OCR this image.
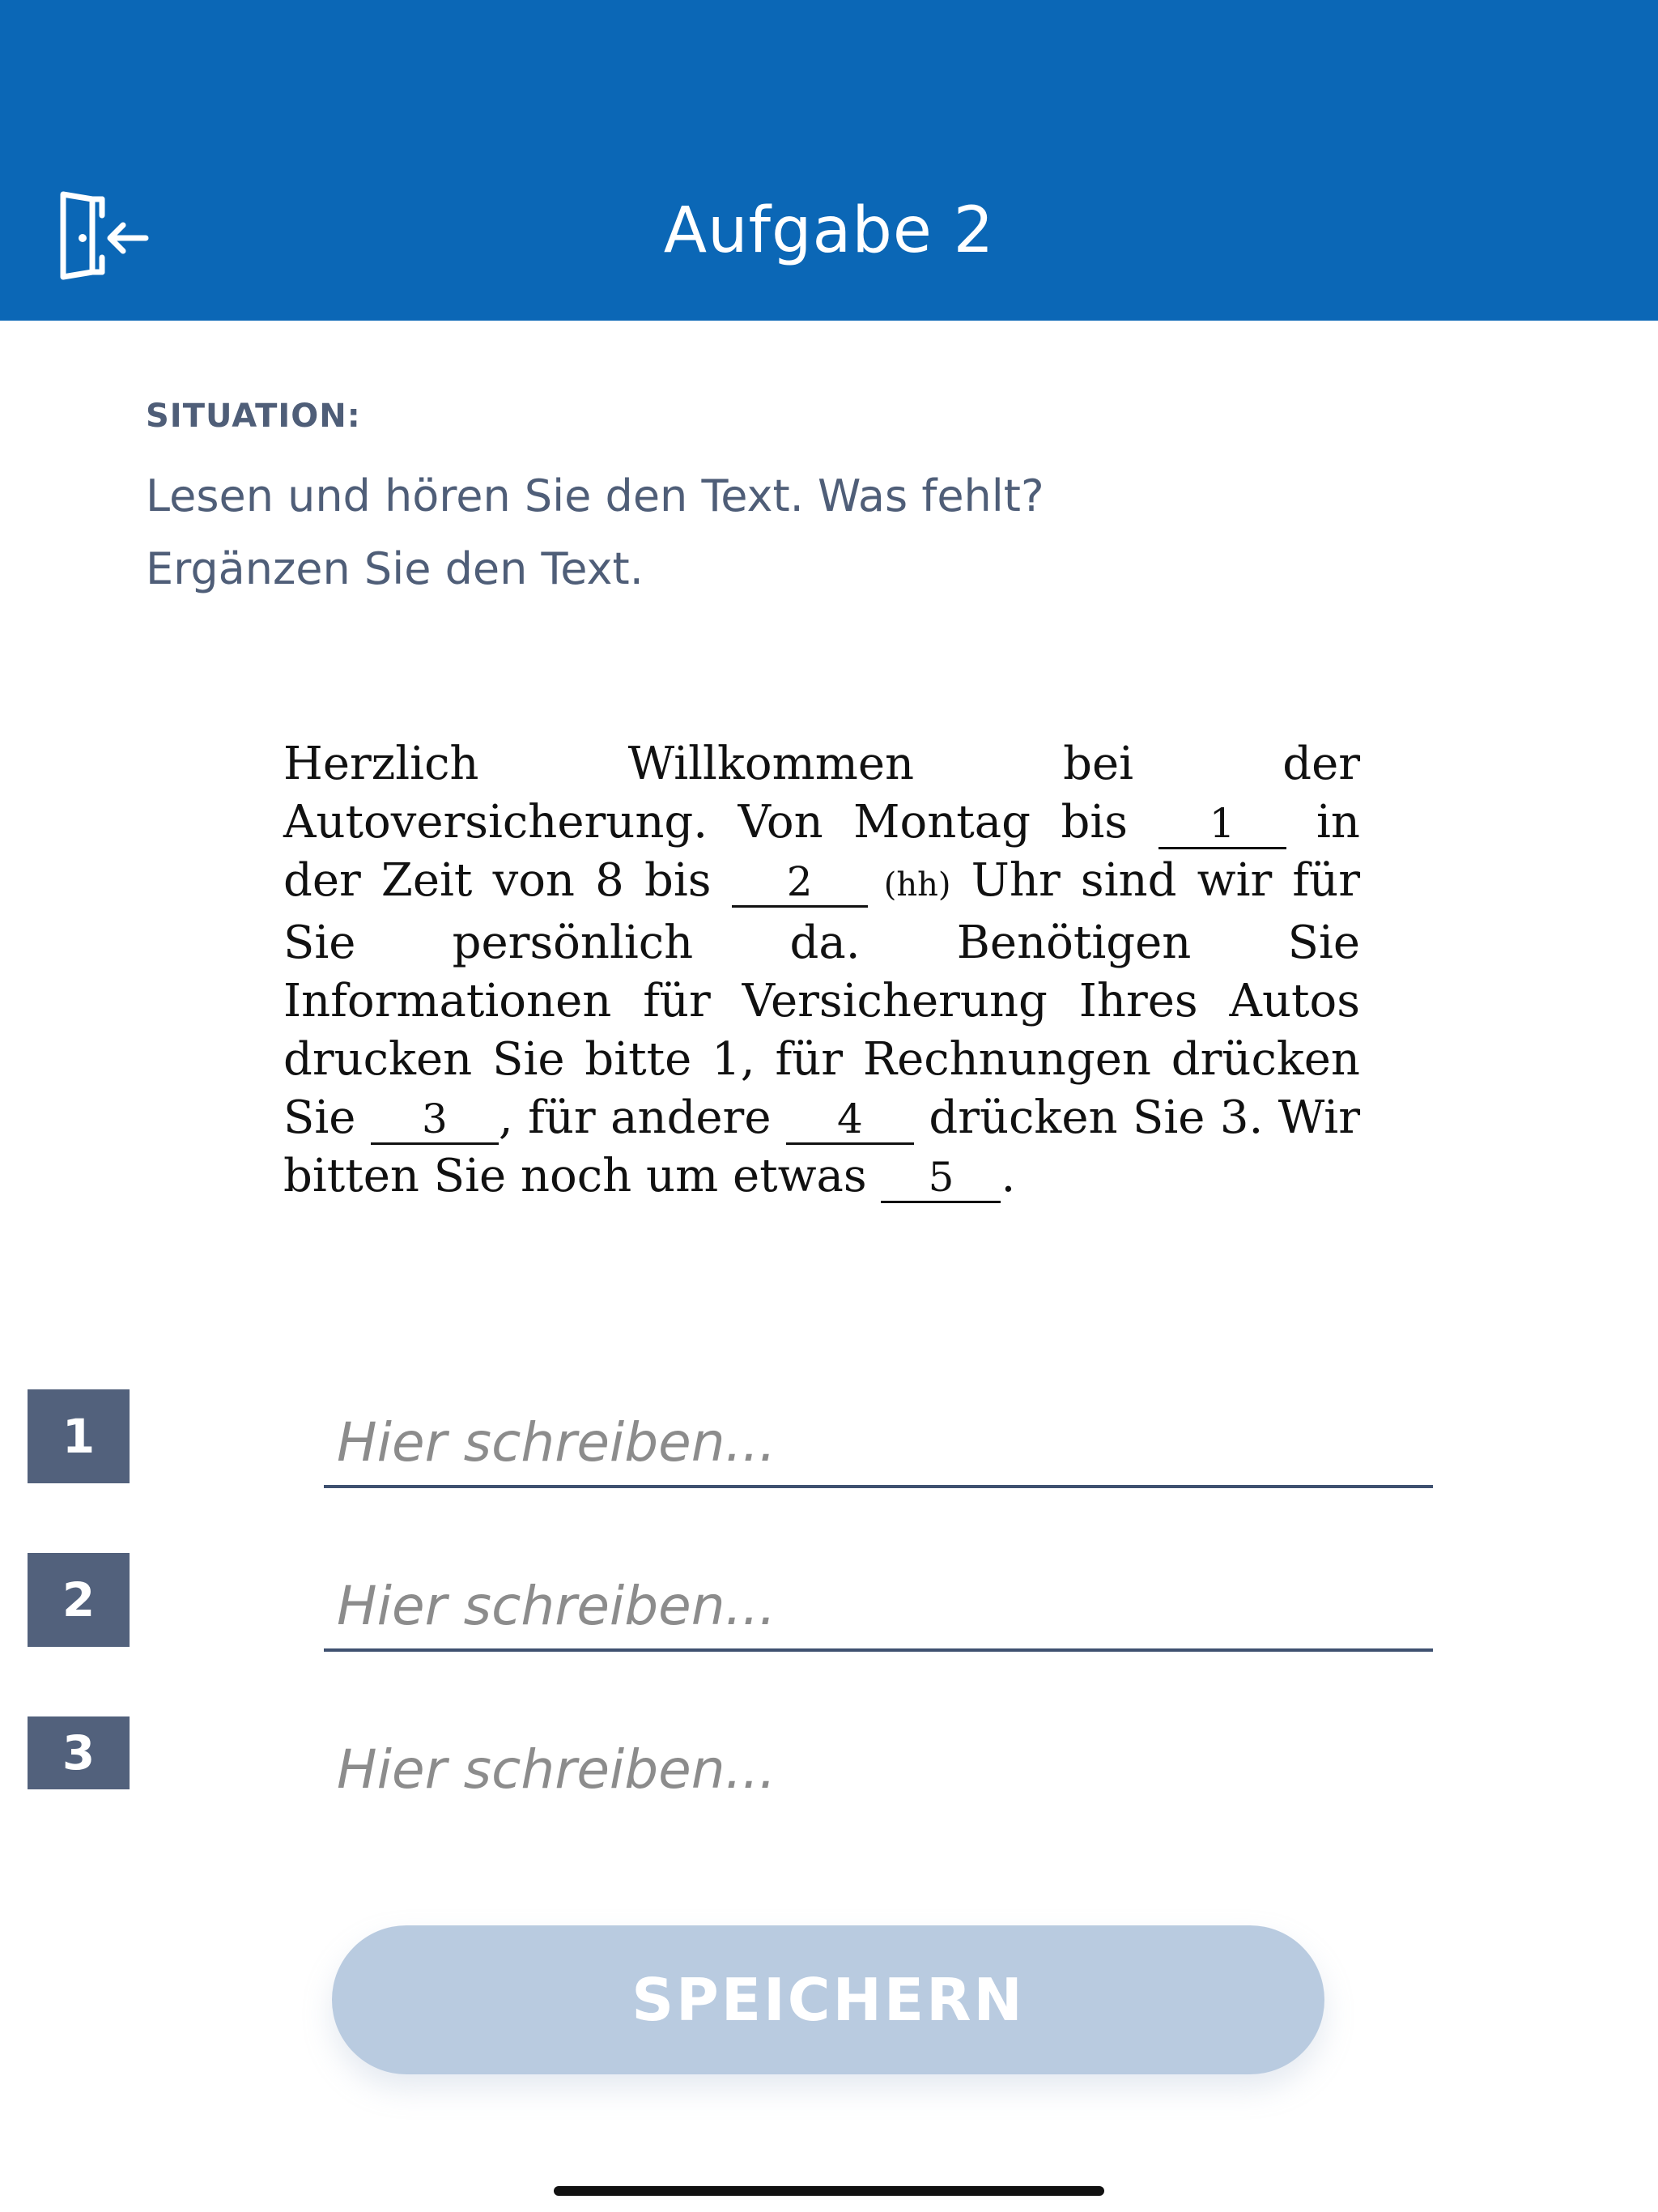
Aufgabe 2
SITUATION:
Lesen und hören Sie den Text. Was fehlt?
Ergänzen Sie den Text.

Herzlich Willkommen bei der Autoversicherung. Von Montag bis 1 in der Zeit von 8 bis 2 (hh) Uhr sind wir für Sie persönlich da. Benötigen Sie Informationen für Versicherung Ihres Autos drucken Sie bitte 1, für Rechnungen drücken Sie 3 , für andere 4 drücken Sie 3. Wir bitten Sie noch um etwas 5 .

1
Hier schreiben...
2
Hier schreiben...
3
Hier schreiben...
SPEICHERN
